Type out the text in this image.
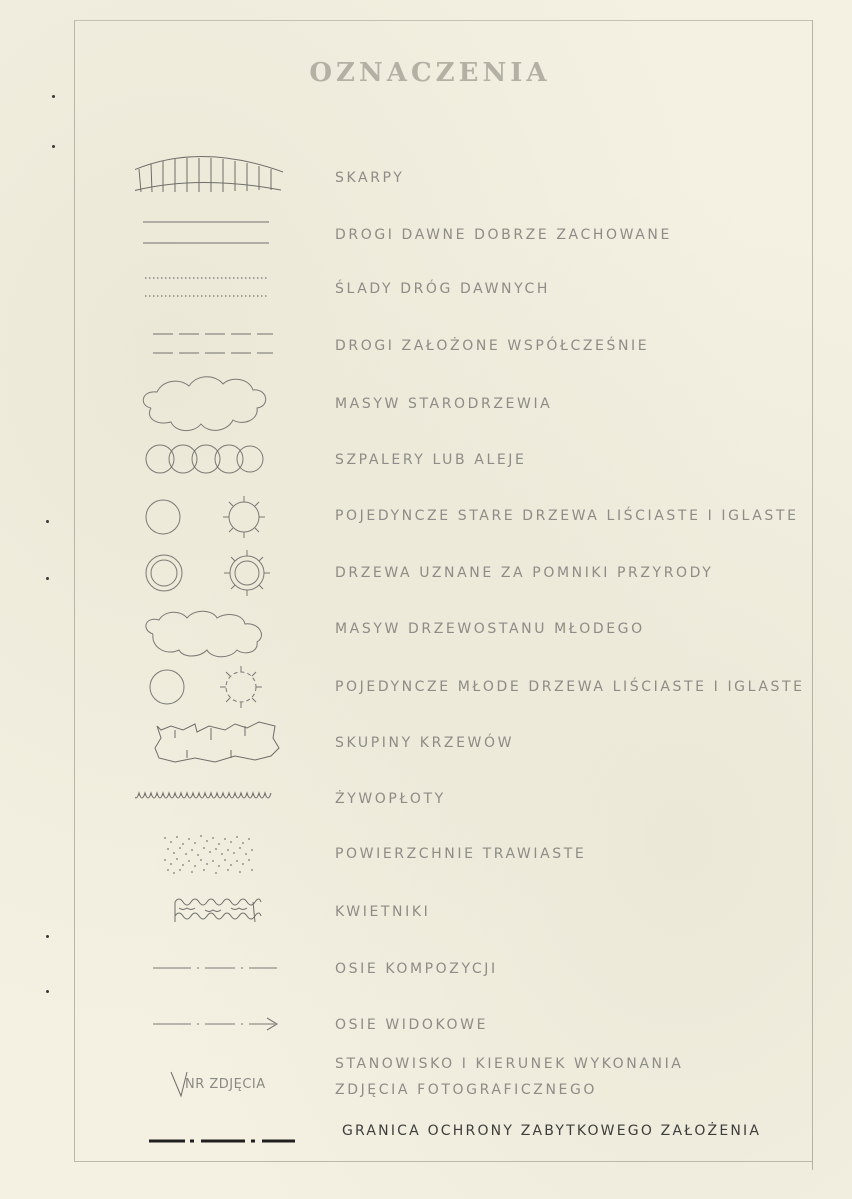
OZNACZENIA
SKARPY
DROGI DAWNE DOBRZE ZACHOWANE
ŚLADY DRÓG DAWNYCH
DROGI ZAŁOŻONE WSPÓŁCZEŚNIE
MASYW STARODRZEWIA
SZPALERY LUB ALEJE
POJEDYNCZE STARE DRZEWA LIŚCIASTE I IGLASTE
DRZEWA UZNANE ZA POMNIKI PRZYRODY
MASYW DRZEWOSTANU MŁODEGO
POJEDYNCZE MŁODE DRZEWA LIŚCIASTE I IGLASTE
SKUPINY KRZEWÓW
ŻYWOPŁOTY
POWIERZCHNIE TRAWIASTE
KWIETNIKI
OSIE KOMPOZYCJI
OSIE WIDOKOWE
NR ZDJĘCIA
STANOWISKO I KIERUNEK WYKONANIA
ZDJĘCIA FOTOGRAFICZNEGO
GRANICA OCHRONY ZABYTKOWEGO ZAŁOŻENIA
